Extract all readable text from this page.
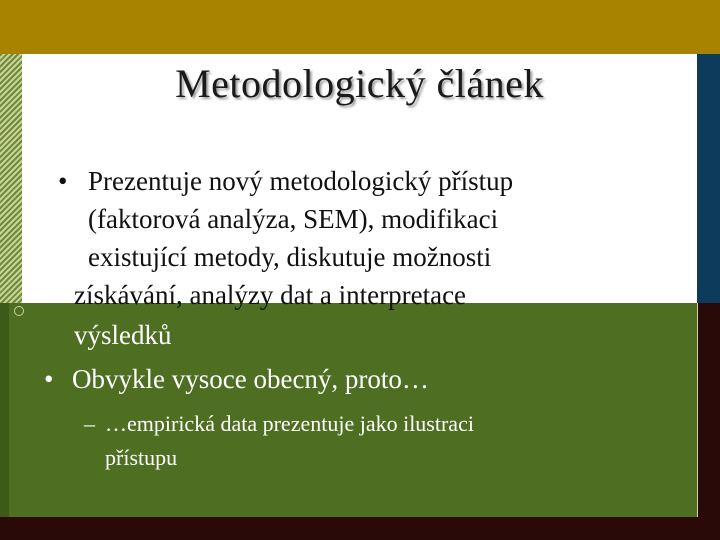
Metodologický článek
• Prezentuje nový metodologický přístup
(faktorová analýza, SEM), modifikaci
existující metody, diskutuje možnosti
získávání, analýzy dat a interpretace
výsledků
• Obvykle vysoce obecný, proto…
– …empirická data prezentuje jako ilustraci
přístupu
